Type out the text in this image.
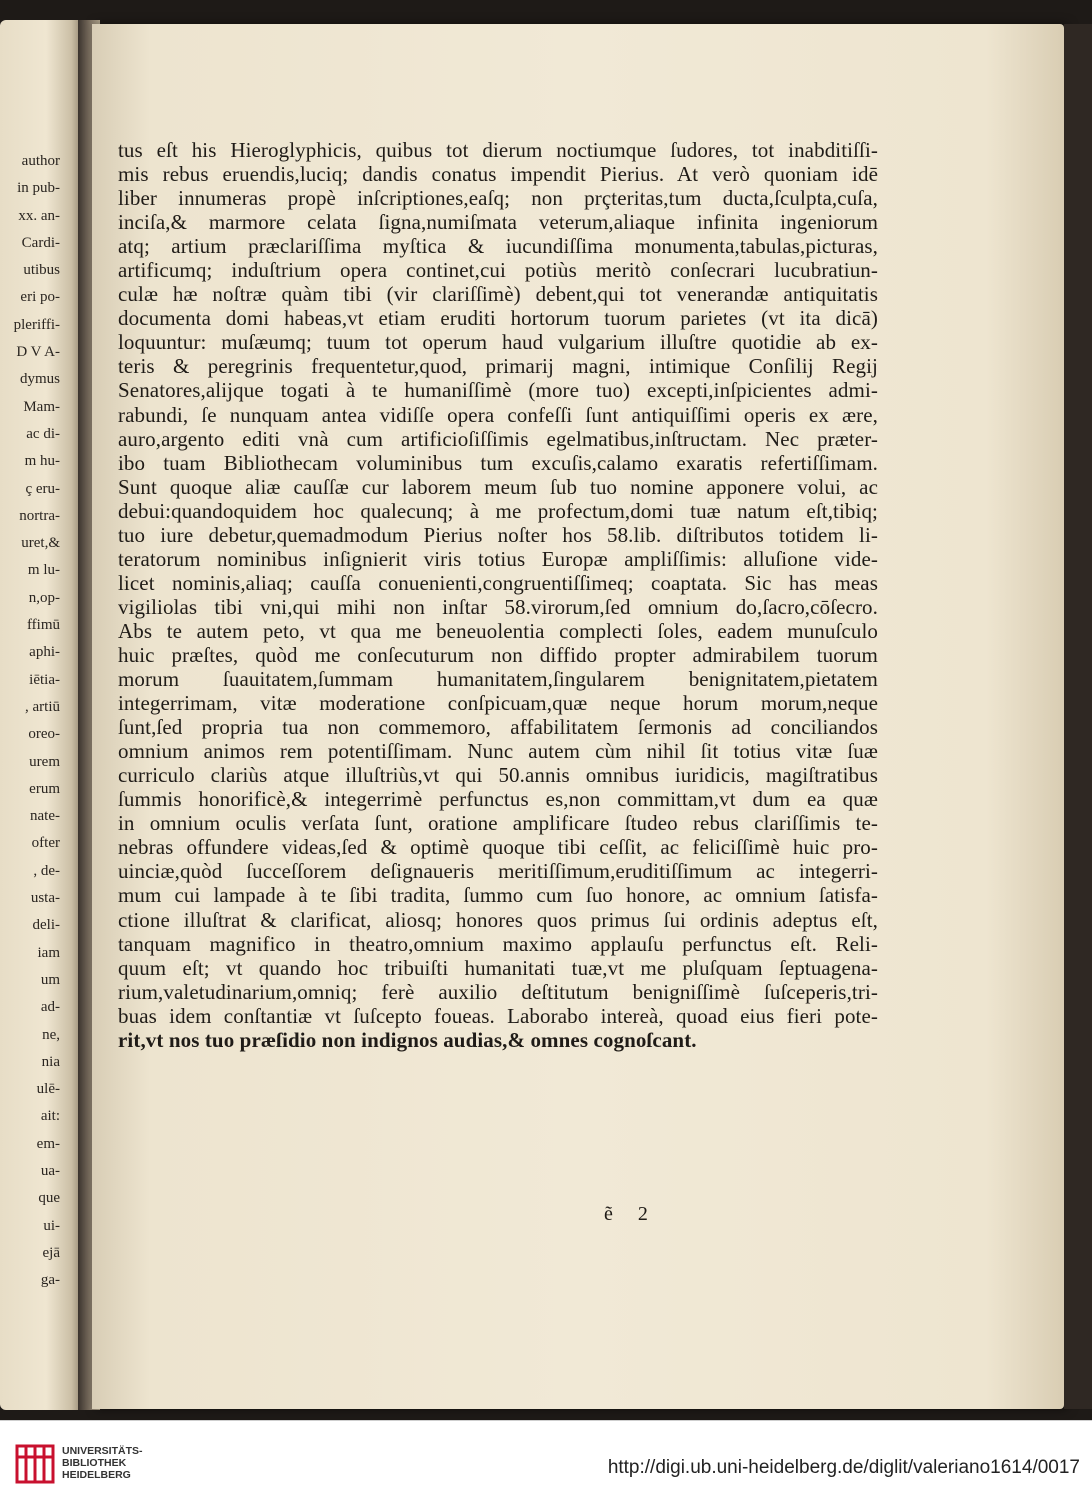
author
in pub-
xx. an-
Cardi-
utibus
eri po-
pleriffi-
D V A-
dymus
Mam-
ac di-
m hu-
ç eru-
nortra-
uret,&
m lu-
n,op-
ffimū
aphi-
iētia-
, artiū
oreo-
urem
erum
nate-
ofter
, de-
usta-
deli-
iam
um
ad-
ne,
nia
ulē-
ait:
em-
ua-
que
ui-
ejā
ga-
tus eſt his Hieroglyphicis, quibus tot dierum noctiumque ſudores, tot inabditiſſi-
mis rebus eruendis,luciq; dandis conatus impendit Pierius. At verò quoniam idē
liber innumeras propè inſcriptiones,eaſq; non prçteritas,tum ducta,ſculpta,cuſa,
inciſa,& marmore celata ſigna,numiſmata veterum,aliaque infinita ingeniorum
atq; artium præclariſſima myſtica & iucundiſſima monumenta,tabulas,picturas,
artificumq; induſtrium opera continet,cui potiùs meritò conſecrari lucubratiun-
culæ hæ noſtræ quàm tibi (vir clariſſimè) debent,qui tot venerandæ antiquitatis
documenta domi habeas,vt etiam eruditi hortorum tuorum parietes (vt ita dicā)
loquuntur: muſæumq; tuum tot operum haud vulgarium illuſtre quotidie ab ex-
teris & peregrinis frequentetur,quod, primarij magni, intimique Conſilij Regij
Senatores,alijque togati à te humaniſſimè (more tuo) excepti,inſpicientes admi-
rabundi, ſe nunquam antea vidiſſe opera confeſſi ſunt antiquiſſimi operis ex ære,
auro,argento editi vnà cum artificioſiſſimis egelmatibus,inſtructam. Nec præter-
ibo tuam Bibliothecam voluminibus tum excuſis,calamo exaratis refertiſſimam.
Sunt quoque aliæ cauſſæ cur laborem meum ſub tuo nomine apponere volui, ac
debui:quandoquidem hoc qualecunq; à me profectum,domi tuæ natum eſt,tibiq;
tuo iure debetur,quemadmodum Pierius noſter hos 58.lib. diſtributos totidem li-
teratorum nominibus inſignierit viris totius Europæ ampliſſimis: alluſione vide-
licet nominis,aliaq; cauſſa conuenienti,congruentiſſimeq; coaptata. Sic has meas
vigiliolas tibi vni,qui mihi non inſtar 58.virorum,ſed omnium do,ſacro,cōſecro.
Abs te autem peto, vt qua me beneuolentia complecti ſoles, eadem munuſculo
huic præſtes, quòd me conſecuturum non diffido propter admirabilem tuorum
morum ſuauitatem,ſummam humanitatem,ſingularem benignitatem,pietatem
integerrimam, vitæ moderatione conſpicuam,quæ neque horum morum,neque
ſunt,ſed propria tua non commemoro, affabilitatem ſermonis ad conciliandos
omnium animos rem potentiſſimam. Nunc autem cùm nihil ſit totius vitæ ſuæ
curriculo clariùs atque illuſtriùs,vt qui 50.annis omnibus iuridicis, magiſtratibus
ſummis honorificè,& integerrimè perfunctus es,non committam,vt dum ea quæ
in omnium oculis verſata ſunt, oratione amplificare ſtudeo rebus clariſſimis te-
nebras offundere videas,ſed & optimè quoque tibi ceſſit, ac feliciſſimè huic pro-
uinciæ,quòd ſucceſſorem deſignaueris meritiſſimum,eruditiſſimum ac integerri-
mum cui lampade à te ſibi tradita, ſummo cum ſuo honore, ac omnium ſatisfa-
ctione illuſtrat & clarificat, aliosq; honores quos primus ſui ordinis adeptus eſt,
tanquam magnifico in theatro,omnium maximo applauſu perfunctus eſt. Reli-
quum eſt; vt quando hoc tribuiſti humanitati tuæ,vt me pluſquam ſeptuagena-
rium,valetudinarium,omniq; ferè auxilio deſtitutum benigniſſimè ſuſceperis,tri-
buas idem conſtantiæ vt ſuſcepto foueas. Laborabo intereà, quoad eius fieri pote-
rit,vt nos tuo præſidio non indignos audias,& omnes cognoſcant.
ẽ 2
UNIVERSITÄTS-
BIBLIOTHEK
HEIDELBERG	http://digi.ub.uni-heidelberg.de/diglit/valeriano1614/0017
